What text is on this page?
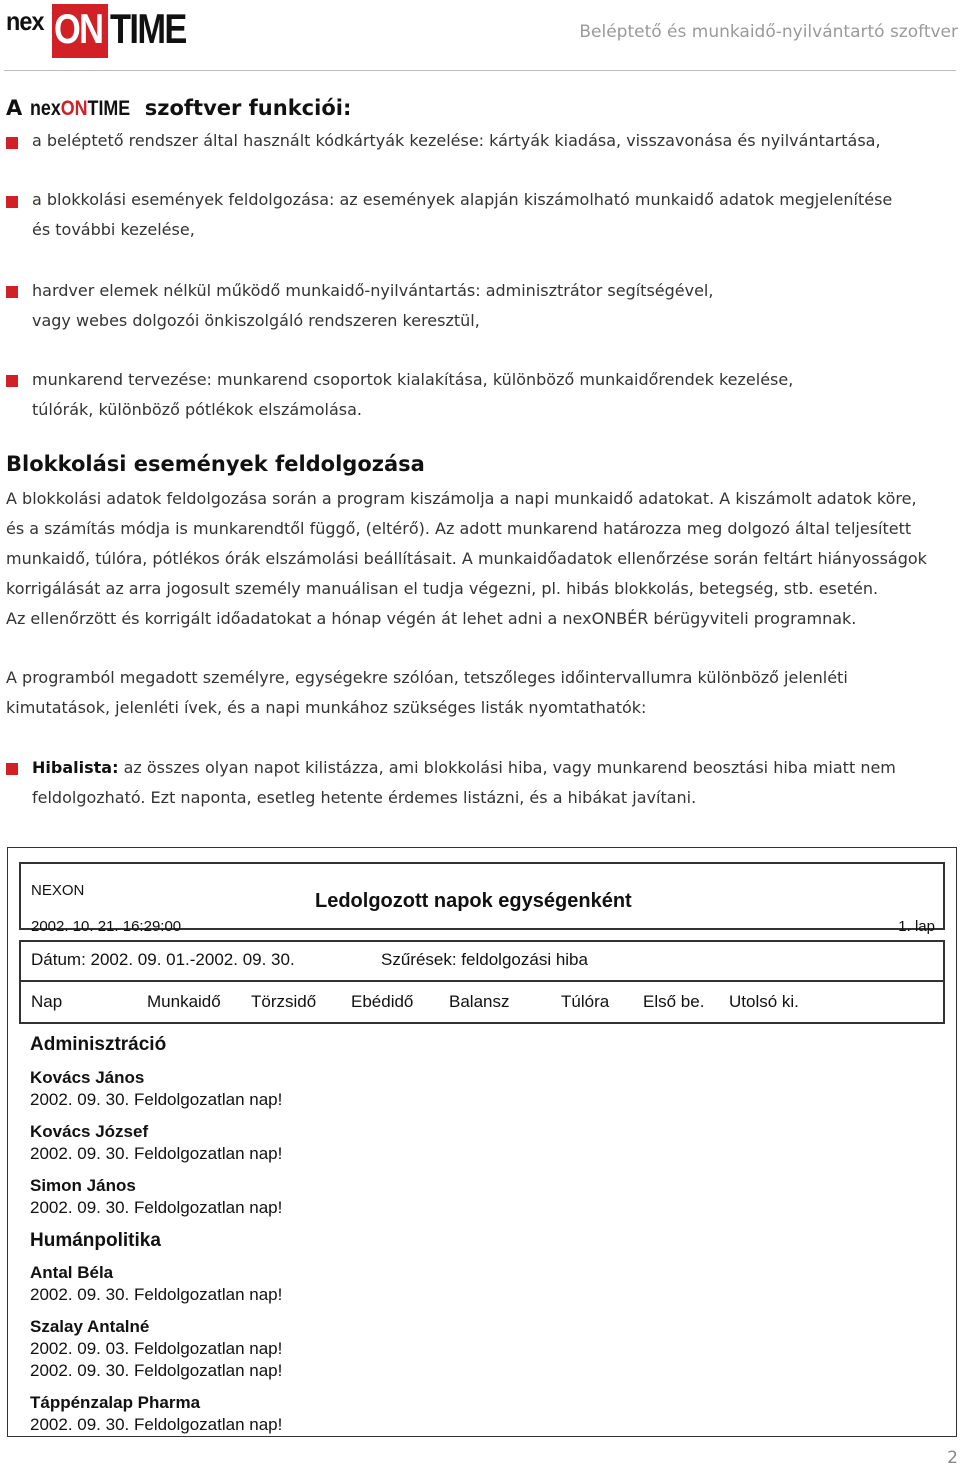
nex ON TIME	Beléptető és munkaidő-nyilvántartó szoftver
A nexONTIME szoftver funkciói:
a beléptető rendszer által használt kódkártyák kezelése: kártyák kiadása, visszavonása és nyilvántartása,
a blokkolási események feldolgozása: az események alapján kiszámolható munkaidő adatok megjelenítése
és további kezelése,
hardver elemek nélkül működő munkaidő-nyilvántartás: adminisztrátor segítségével,
vagy webes dolgozói önkiszolgáló rendszeren keresztül,
munkarend tervezése: munkarend csoportok kialakítása, különböző munkaidőrendek kezelése,
túlórák, különböző pótlékok elszámolása.
Blokkolási események feldolgozása
A blokkolási adatok feldolgozása során a program kiszámolja a napi munkaidő adatokat. A kiszámolt adatok köre,
és a számítás módja is munkarendtől függő, (eltérő). Az adott munkarend határozza meg dolgozó által teljesített
munkaidő, túlóra, pótlékos órák elszámolási beállításait. A munkaidőadatok ellenőrzése során feltárt hiányosságok
korrigálását az arra jogosult személy manuálisan el tudja végezni, pl. hibás blokkolás, betegség, stb. esetén.
Az ellenőrzött és korrigált időadatokat a hónap végén át lehet adni a nexONBÉR bérügyviteli programnak.
A programból megadott személyre, egységekre szólóan, tetszőleges időintervallumra különböző jelenléti
kimutatások, jelenléti ívek, és a napi munkához szükséges listák nyomtathatók:
Hibalista: az összes olyan napot kilistázza, ami blokkolási hiba, vagy munkarend beosztási hiba miatt nem
feldolgozható. Ezt naponta, esetleg hetente érdemes listázni, és a hibákat javítani.
NEXON	Ledolgozott napok egységenként
2002. 10. 21. 16:29:00	1. lap
Dátum: 2002. 09. 01.-2002. 09. 30.	Szűrések: feldolgozási hiba
Nap	Munkaidő Törzsidő Ebédidő Balansz	Túlóra Első be. Utolsó ki.
Adminisztráció
Kovács János
2002. 09. 30. Feldolgozatlan nap!
Kovács József
2002. 09. 30. Feldolgozatlan nap!
Simon János
2002. 09. 30. Feldolgozatlan nap!
Humánpolitika
Antal Béla
2002. 09. 30. Feldolgozatlan nap!
Szalay Antalné
2002. 09. 03. Feldolgozatlan nap!
2002. 09. 30. Feldolgozatlan nap!
Táppénzalap Pharma
2002. 09. 30. Feldolgozatlan nap!
2
